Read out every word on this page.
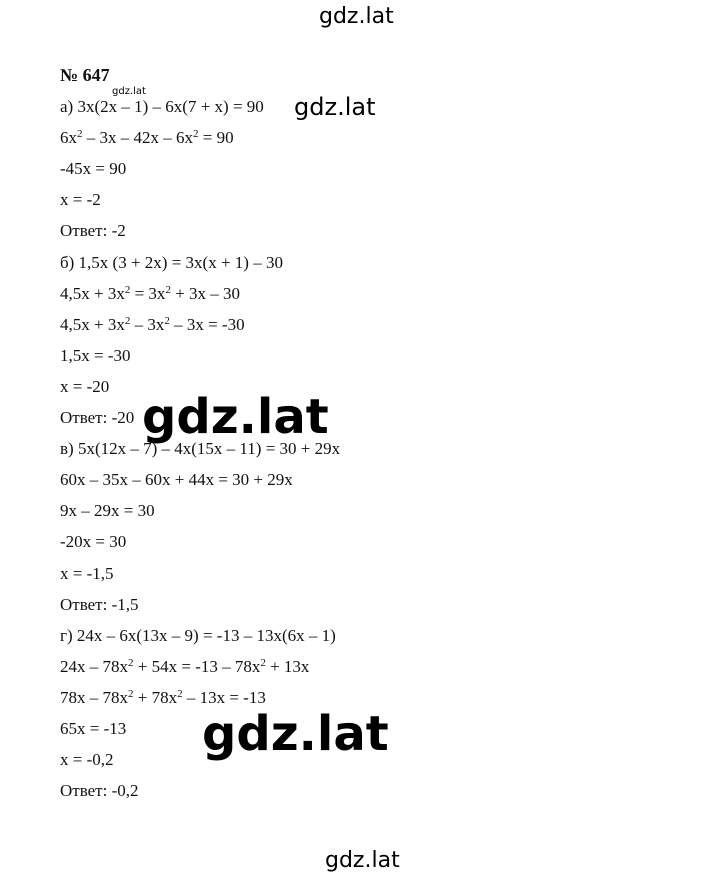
№ 647
а) 3x(2x – 1) – 6x(7 + x) = 90
$6x^2 - 3x - 42x - 6x^2 = 90$
-45x = 90
x = -2
Ответ: -2
б) 1,5x (3 + 2x) = 3x(x + 1) – 30
$4,5x + 3x^2 = 3x^2 + 3x - 30$
$4,5x + 3x^2 - 3x^2 - 3x = -30$
1,5x = -30
x = -20
Ответ: -20
в) 5x(12x – 7) – 4x(15x – 11) = 30 + 29x
60x – 35x – 60x + 44x = 30 + 29x
9x – 29x = 30
-20x = 30
x = -1,5
Ответ: -1,5
г) 24x – 6x(13x – 9) = -13 – 13x(6x – 1)
$24x - 78x^2 + 54x = -13 - 78x^2 + 13x$
$78x - 78x^2 + 78x^2 - 13x = -13$
65x = -13
x = -0,2
Ответ: -0,2
gdz.lat
gdz.lat
gdz.lat
gdz.lat
gdz.lat
gdz.lat
